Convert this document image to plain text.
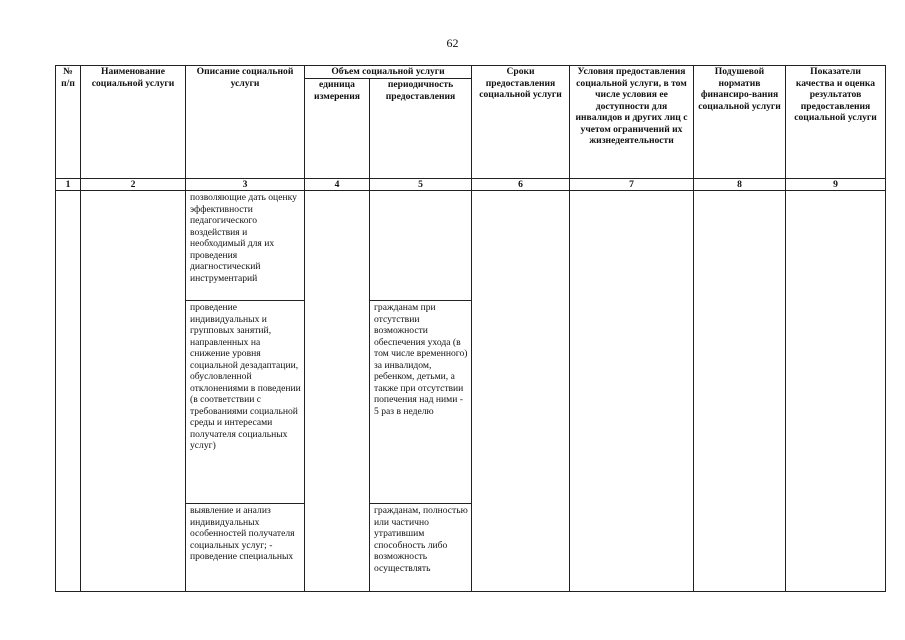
62
№ п/п	Наименование социальной услуги	Описание социальной услуги	Объем социальной услуги		Сроки предоставления социальной услуги	Условия предоставления социальной услуги, в том числе условия ее доступности для инвалидов и других лиц с учетом ограничений их жизнедеятельности	Подушевой норматив финансиро-вания социальной услуги	Показатели качества и оценка результатов предоставления социальной услуги
			единица измерения	периодичность предоставления				
1	2	3	4	5	6	7	8	9

		позволяющие дать оценку эффективности педагогического воздействия и необходимый для их проведения диагностический инструментарий						

		проведение индивидуальных и групповых занятий, направленных на снижение уровня социальной дезадаптации, обусловленной отклонениями в поведении (в соответствии с требованиями социальной среды и интересами получателя социальных услуг)		гражданам при отсутствии возможности обеспечения ухода (в том числе временного) за инвалидом, ребенком, детьми, а также при отсутствии попечения над ними - 5 раз в неделю				

		выявление и анализ индивидуальных особенностей получателя социальных услуг; - проведение специальных		гражданам, полностью или частично утратившим способность либо возможность осуществлять				
